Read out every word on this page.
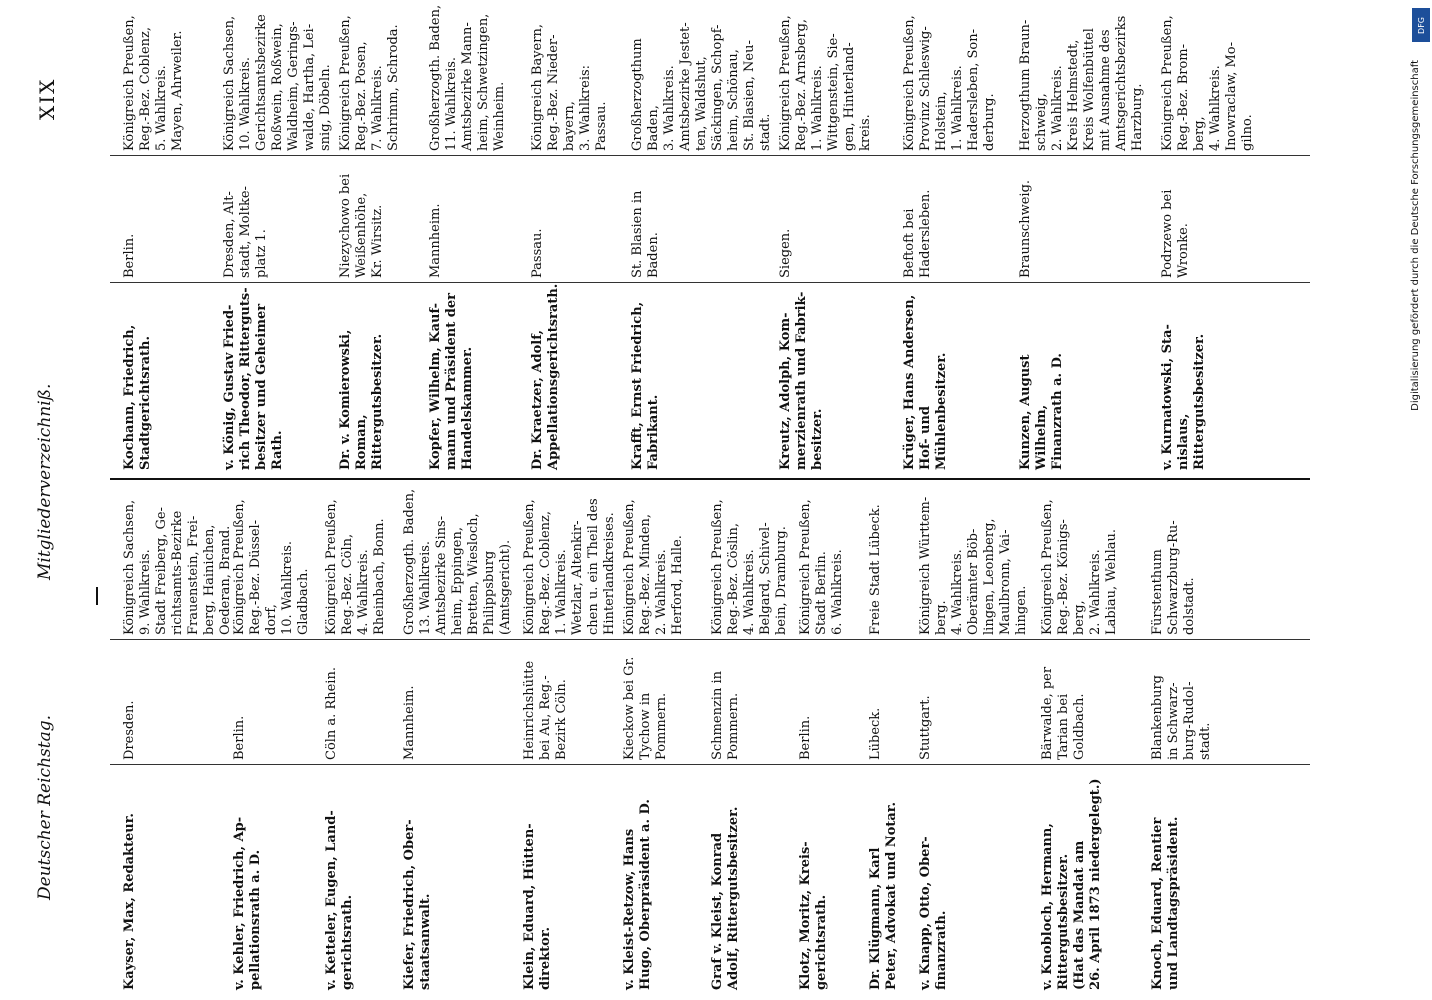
Deutscher Reichstag.
Mitgliederverzeichniß.
XIX
Kayser, Max, Redakteur.
Dresden.
Königreich Sachsen,
9. Wahlkreis.
Stadt Freiberg, Ge-
richtsamts-Bezirke
Frauenstein, Frei-
berg, Hainichen,
Oederan, Brand.
v. Kehler, Friedrich, Ap-
pellationsrath a. D.
Berlin.
Königreich Preußen,
Reg.-Bez. Düssel-
dorf,
10. Wahlkreis.
Gladbach.
v. Ketteler, Eugen, Land-
gerichtsrath.
Cöln a. Rhein.
Königreich Preußen,
Reg.-Bez. Cöln,
4. Wahlkreis.
Rheinbach, Bonn.
Kiefer, Friedrich, Ober-
staatsanwalt.
Mannheim.
Großherzogth. Baden,
13. Wahlkreis.
Amtsbezirke Sins-
heim, Eppingen,
Bretten, Wiesloch,
Philippsburg
(Amtsgericht).
Klein, Eduard, Hütten-
direktor.
Heinrichshütte
bei Au, Reg.-
Bezirk Cöln.
Königreich Preußen,
Reg.-Bez. Coblenz,
1. Wahlkreis.
Wetzlar, Altenkir-
chen u. ein Theil des
Hinterlandkreises.
v. Kleist-Retzow, Hans
Hugo, Oberpräsident a. D.
Kieckow bei Gr.
Tychow in
Pommern.
Königreich Preußen,
Reg.-Bez. Minden,
2. Wahlkreis.
Herford, Halle.
Graf v. Kleist, Konrad
Adolf, Rittergutsbesitzer.
Schmenzin in
Pommern.
Königreich Preußen,
Reg.-Bez. Cöslin,
4. Wahlkreis.
Belgard, Schivel-
bein, Dramburg.
Klotz, Moritz, Kreis-
gerichtsrath.
Berlin.
Königreich Preußen,
Stadt Berlin.
6. Wahlkreis.
Dr. Klügmann, Karl
Peter, Advokat und Notar.
Lübeck.
Freie Stadt Lübeck.
v. Knapp, Otto, Ober-
finanzrath.
Stuttgart.
Königreich Württem-
berg.
4. Wahlkreis.
Oberämter Böb-
lingen, Leonberg,
Maulbronn, Vai-
hingen.
v. Knobloch, Hermann,
Rittergutsbesitzer.
(Hat das Mandat am
26. April 1873 niedergelegt.)
Bärwalde, per
Tarian bei
Goldbach.
Königreich Preußen,
Reg.-Bez. Königs-
berg,
2. Wahlkreis.
Labiau, Wehlau.
Knoch, Eduard, Rentier
und Landtagspräsident.
Blankenburg
in Schwarz-
burg-Rudol-
stadt.
Fürstenthum
Schwarzburg-Ru-
dolstadt.
Kochann, Friedrich,
Stadtgerichtsrath.
Berlin.
Königreich Preußen,
Reg.-Bez. Coblenz,
5. Wahlkreis.
Mayen, Ahrweiler.
v. König, Gustav Fried-
rich Theodor, Ritterguts-
besitzer und Geheimer
Rath.
Dresden, Alt-
stadt, Moltke-
platz 1.
Königreich Sachsen,
10. Wahlkreis.
Gerichtsamtsbezirke
Roßwein, Roßwein,
Waldheim, Gerings-
walde, Hartha, Lei-
snig, Döbeln.
Dr. v. Komierowski,
Roman, Rittergutsbesitzer.
Niezychowo bei
Weißenhöhe,
Kr. Wirsitz.
Königreich Preußen,
Reg.-Bez. Posen,
7. Wahlkreis.
Schrimm, Schroda.
Kopfer, Wilhelm, Kauf-
mann und Präsident der
Handelskammer.
Mannheim.
Großherzogth. Baden,
11. Wahlkreis.
Amtsbezirke Mann-
heim, Schwetzingen,
Weinheim.
Dr. Kraetzer, Adolf,
Appellationsgerichtsrath.
Passau.
Königreich Bayern,
Reg.-Bez. Nieder-
bayern,
3. Wahlkreis:
Passau.
Krafft, Ernst Friedrich,
Fabrikant.
St. Blasien in
Baden.
Großherzogthum
Baden,
3. Wahlkreis.
Amtsbezirke Jestet-
ten, Waldshut,
Säckingen, Schopf-
heim, Schönau,
St. Blasien, Neu-
stadt.
Kreutz, Adolph, Kom-
merzienrath und Fabrik-
besitzer.
Siegen.
Königreich Preußen,
Reg.-Bez. Arnsberg,
1. Wahlkreis.
Wittgenstein, Sie-
gen, Hinterland-
kreis.
Krüger, Hans Andersen,
Hof- und Mühlenbesitzer.
Beftoft bei
Hadersleben.
Königreich Preußen,
Provinz Schleswig-
Holstein,
1. Wahlkreis.
Hadersleben, Son-
derburg.
Kunzen, August Wilhelm,
Finanzrath a. D.
Braunschweig.
Herzogthum Braun-
schweig,
2. Wahlkreis.
Kreis Helmstedt,
Kreis Wolfenbüttel
mit Ausnahme des
Amtsgerichtsbezirks
Harzburg.
v. Kurnatowski, Sta-
nislaus, Rittergutsbesitzer.
Podrzewo bei
Wronke.
Königreich Preußen,
Reg.-Bez. Brom-
berg,
4. Wahlkreis.
Inowraclaw, Mo-
gilno.
DFG
Digitalisierung gefördert durch die Deutsche Forschungsgemeinschaft
